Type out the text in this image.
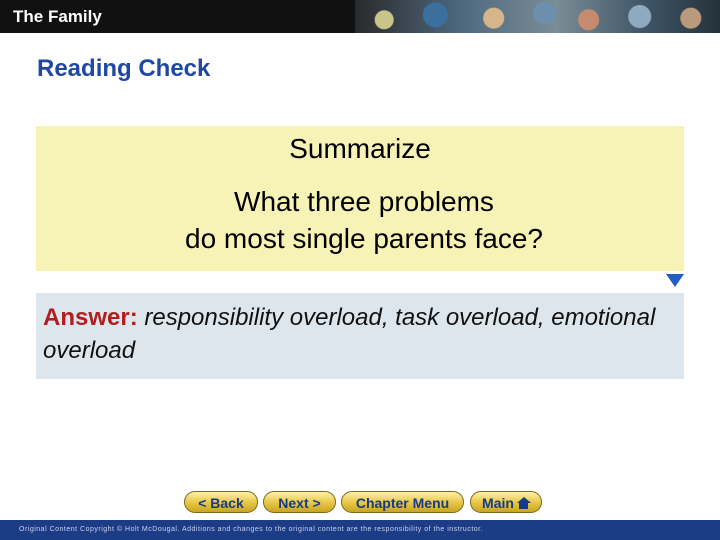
The Family
Reading Check
Summarize
What three problems
do most single parents face?
Answer: responsibility overload, task overload, emotional overload
< Back	Next >	Chapter Menu	Main
Original Content Copyright © Holt McDougal. Additions and changes to the original content are the responsibility of the instructor.
